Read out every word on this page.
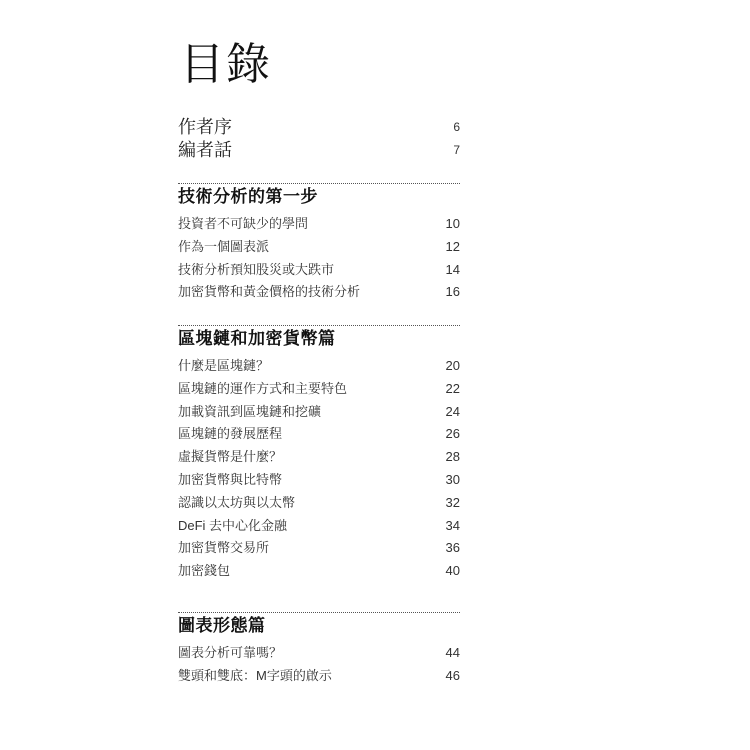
目錄
作者序	6
編者話	7
技術分析的第一步
投資者不可缺少的學問	10
作為一個圖表派	12
技術分析預知股災或大跌市	14
加密貨幣和黃金價格的技術分析	16
區塊鏈和加密貨幣篇
什麼是區塊鏈？	20
區塊鏈的運作方式和主要特色	22
加載資訊到區塊鏈和挖礦	24
區塊鏈的發展歷程	26
虛擬貨幣是什麼？	28
加密貨幣與比特幣	30
認識以太坊與以太幣	32
DeFi 去中心化金融	34
加密貨幣交易所	36
加密錢包	40
圖表形態篇
圖表分析可靠嗎？	44
雙頭和雙底：M字頭的啟示	46
